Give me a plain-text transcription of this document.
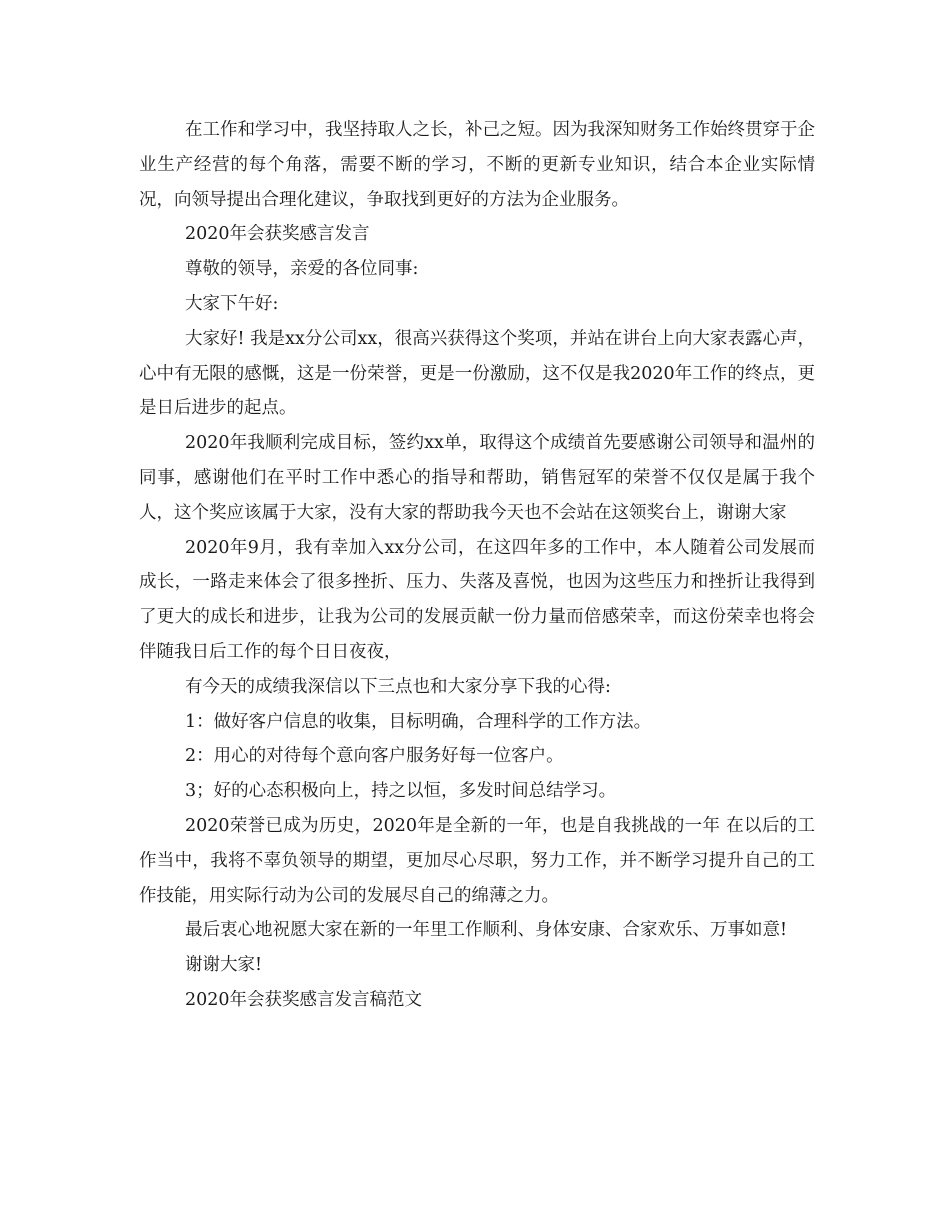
在工作和学习中，我坚持取人之长，补己之短。因为我深知财务工作始终贯穿于企业生产经营的每个角落，需要不断的学习，不断的更新专业知识，结合本企业实际情况，向领导提出合理化建议，争取找到更好的方法为企业服务。

2020年会获奖感言发言

尊敬的领导，亲爱的各位同事:

大家下午好:

大家好! 我是xx分公司xx，很高兴获得这个奖项，并站在讲台上向大家表露心声，心中有无限的感慨，这是一份荣誉，更是一份激励，这不仅是我2020年工作的终点，更是日后进步的起点。

2020年我顺利完成目标，签约xx单，取得这个成绩首先要感谢公司领导和温州的同事，感谢他们在平时工作中悉心的指导和帮助，销售冠军的荣誉不仅仅是属于我个人，这个奖应该属于大家，没有大家的帮助我今天也不会站在这领奖台上，谢谢大家

2020年9月，我有幸加入xx分公司，在这四年多的工作中，本人随着公司发展而成长，一路走来体会了很多挫折、压力、失落及喜悦，也因为这些压力和挫折让我得到了更大的成长和进步，让我为公司的发展贡献一份力量而倍感荣幸，而这份荣幸也将会伴随我日后工作的每个日日夜夜，

有今天的成绩我深信以下三点也和大家分享下我的心得:

1：做好客户信息的收集，目标明确，合理科学的工作方法。

2：用心的对待每个意向客户服务好每一位客户。

3；好的心态积极向上，持之以恒，多发时间总结学习。

2020荣誉已成为历史，2020年是全新的一年，也是自我挑战的一年 在以后的工作当中，我将不辜负领导的期望，更加尽心尽职，努力工作，并不断学习提升自己的工作技能，用实际行动为公司的发展尽自己的绵薄之力。

最后衷心地祝愿大家在新的一年里工作顺利、身体安康、合家欢乐、万事如意!

谢谢大家!

2020年会获奖感言发言稿范文
